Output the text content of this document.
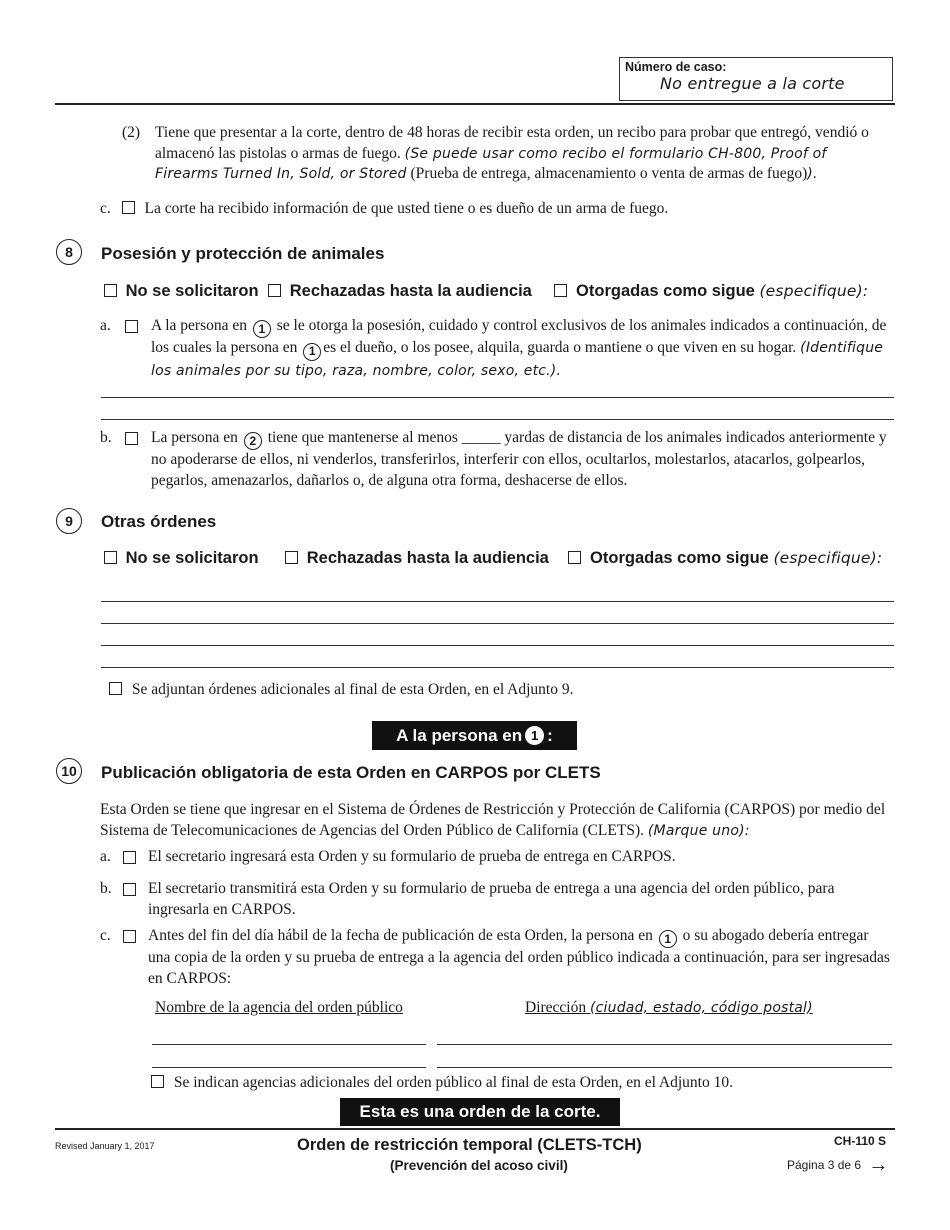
Número de caso:
No entregue a la corte
(2) Tiene que presentar a la corte, dentro de 48 horas de recibir esta orden, un recibo para probar que entregó, vendió o almacenó las pistolas o armas de fuego. (Se puede usar como recibo el formulario CH-800, Proof of Firearms Turned In, Sold, or Stored (Prueba de entrega, almacenamiento o venta de armas de fuego)).
c. La corte ha recibido información de que usted tiene o es dueño de un arma de fuego.
8	Posesión y protección de animales
No se solicitaron Rechazadas hasta la audiencia	Otorgadas como sigue (especifique):
a.	A la persona en 1 se le otorga la posesión, cuidado y control exclusivos de los animales indicados a continuación, de los cuales la persona en 1 es el dueño, o los posee, alquila, guarda o mantiene o que viven en su hogar. (Identifique los animales por su tipo, raza, nombre, color, sexo, etc.).
b.	La persona en 2 tiene que mantenerse al menos _____ yardas de distancia de los animales indicados anteriormente y no apoderarse de ellos, ni venderlos, transferirlos, interferir con ellos, ocultarlos, molestarlos, atacarlos, golpearlos, pegarlos, amenazarlos, dañarlos o, de alguna otra forma, deshacerse de ellos.
9	Otras órdenes
No se solicitaron	Rechazadas hasta la audiencia Otorgadas como sigue (especifique):
Se adjuntan órdenes adicionales al final de esta Orden, en el Adjunto 9.
A la persona en 1 :
10	Publicación obligatoria de esta Orden en CARPOS por CLETS
Esta Orden se tiene que ingresar en el Sistema de Órdenes de Restricción y Protección de California (CARPOS) por medio del Sistema de Telecomunicaciones de Agencias del Orden Público de California (CLETS). (Marque uno):
a. El secretario ingresará esta Orden y su formulario de prueba de entrega en CARPOS.
b. El secretario transmitirá esta Orden y su formulario de prueba de entrega a una agencia del orden público, para ingresarla en CARPOS.
c. Antes del fin del día hábil de la fecha de publicación de esta Orden, la persona en 1 o su abogado debería entregar una copia de la orden y su prueba de entrega a la agencia del orden público indicada a continuación, para ser ingresadas en CARPOS:
Nombre de la agencia del orden público	Dirección (ciudad, estado, código postal)
Se indican agencias adicionales del orden público al final de esta Orden, en el Adjunto 10.
Esta es una orden de la corte.
Revised January 1, 2017	Orden de restricción temporal (CLETS-TCH)
(Prevención del acoso civil)
CH-110 S
Página 3 de 6 →
